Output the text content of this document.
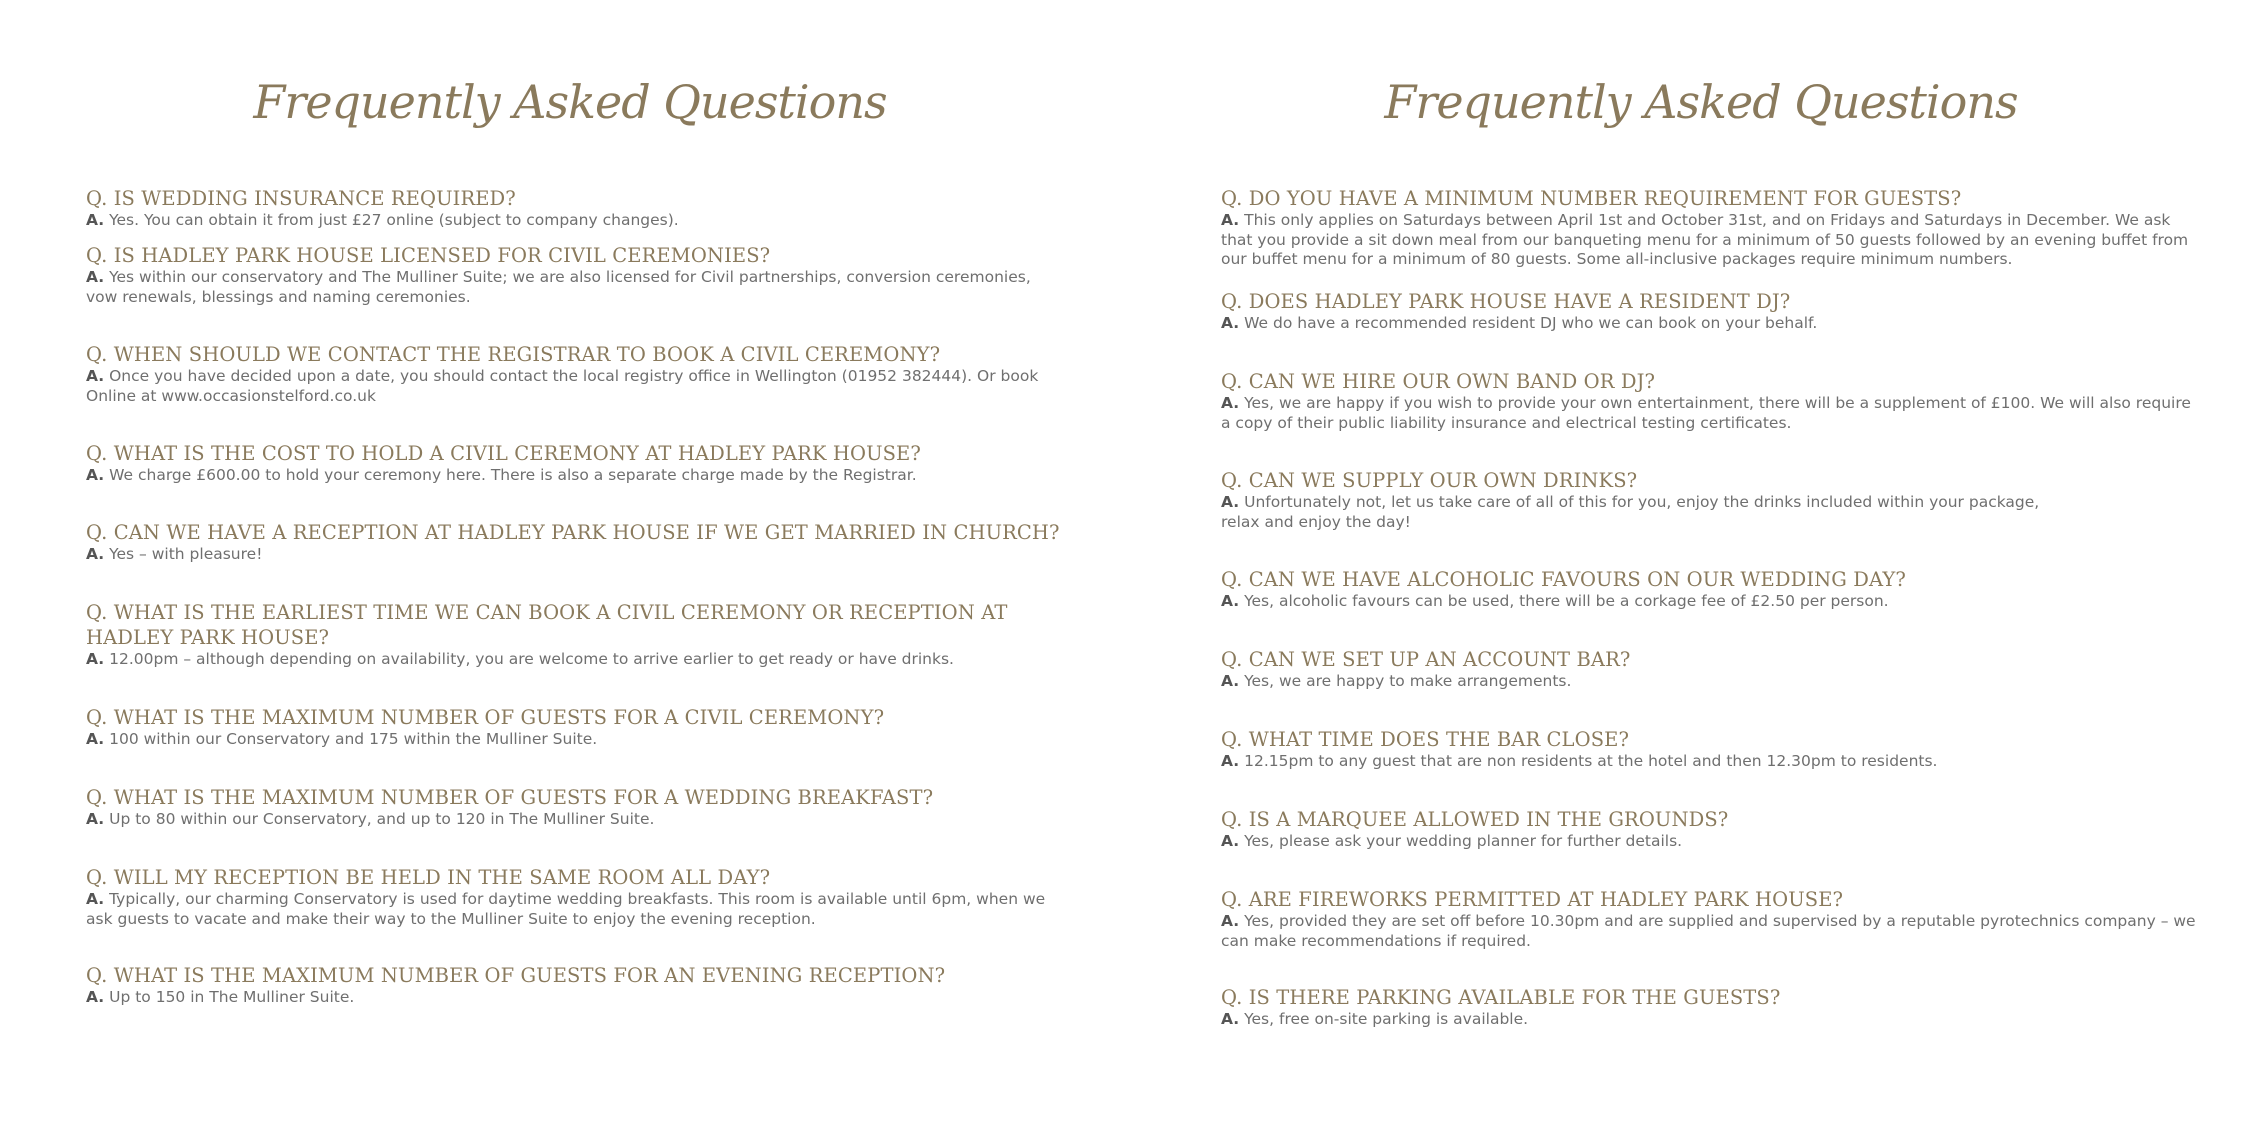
Frequently Asked Questions
Q. IS WEDDING INSURANCE REQUIRED?

A. Yes. You can obtain it from just £27 online (subject to company changes).

Q. IS HADLEY PARK HOUSE LICENSED FOR CIVIL CEREMONIES?

A. Yes within our conservatory and The Mulliner Suite; we are also licensed for Civil partnerships, conversion ceremonies, vow renewals, blessings and naming ceremonies.

Q. WHEN SHOULD WE CONTACT THE REGISTRAR TO BOOK A CIVIL CEREMONY?

A. Once you have decided upon a date, you should contact the local registry office in Wellington (01952 382444). Or book Online at www.occasionstelford.co.uk

Q. WHAT IS THE COST TO HOLD A CIVIL CEREMONY AT HADLEY PARK HOUSE?

A. We charge £600.00 to hold your ceremony here. There is also a separate charge made by the Registrar.

Q. CAN WE HAVE A RECEPTION AT HADLEY PARK HOUSE IF WE GET MARRIED IN CHURCH?

A. Yes – with pleasure!

Q. WHAT IS THE EARLIEST TIME WE CAN BOOK A CIVIL CEREMONY OR RECEPTION AT HADLEY PARK HOUSE?

A. 12.00pm – although depending on availability, you are welcome to arrive earlier to get ready or have drinks.

Q. WHAT IS THE MAXIMUM NUMBER OF GUESTS FOR A CIVIL CEREMONY?

A. 100 within our Conservatory and 175 within the Mulliner Suite.

Q. WHAT IS THE MAXIMUM NUMBER OF GUESTS FOR A WEDDING BREAKFAST?

A. Up to 80 within our Conservatory, and up to 120 in The Mulliner Suite.

Q. WILL MY RECEPTION BE HELD IN THE SAME ROOM ALL DAY?

A. Typically, our charming Conservatory is used for daytime wedding breakfasts. This room is available until 6pm, when we ask guests to vacate and make their way to the Mulliner Suite to enjoy the evening reception.

Q. WHAT IS THE MAXIMUM NUMBER OF GUESTS FOR AN EVENING RECEPTION?

A. Up to 150 in The Mulliner Suite.

Frequently Asked Questions
Q. DO YOU HAVE A MINIMUM NUMBER REQUIREMENT FOR GUESTS?

A. This only applies on Saturdays between April 1st and October 31st, and on Fridays and Saturdays in December. We ask that you provide a sit down meal from our banqueting menu for a minimum of 50 guests followed by an evening buffet from our buffet menu for a minimum of 80 guests. Some all-inclusive packages require minimum numbers.

Q. DOES HADLEY PARK HOUSE HAVE A RESIDENT DJ?

A. We do have a recommended resident DJ who we can book on your behalf.

Q. CAN WE HIRE OUR OWN BAND OR DJ?

A. Yes, we are happy if you wish to provide your own entertainment, there will be a supplement of £100. We will also require a copy of their public liability insurance and electrical testing certificates.

Q. CAN WE SUPPLY OUR OWN DRINKS?

A. Unfortunately not, let us take care of all of this for you, enjoy the drinks included within your package, relax and enjoy the day!

Q. CAN WE HAVE ALCOHOLIC FAVOURS ON OUR WEDDING DAY?

A. Yes, alcoholic favours can be used, there will be a corkage fee of £2.50 per person.

Q. CAN WE SET UP AN ACCOUNT BAR?

A. Yes, we are happy to make arrangements.

Q. WHAT TIME DOES THE BAR CLOSE?

A. 12.15pm to any guest that are non residents at the hotel and then 12.30pm to residents.

Q. IS A MARQUEE ALLOWED IN THE GROUNDS?

A. Yes, please ask your wedding planner for further details.

Q. ARE FIREWORKS PERMITTED AT HADLEY PARK HOUSE?

A. Yes, provided they are set off before 10.30pm and are supplied and supervised by a reputable pyrotechnics company – we can make recommendations if required.

Q. IS THERE PARKING AVAILABLE FOR THE GUESTS?

A. Yes, free on-site parking is available.
